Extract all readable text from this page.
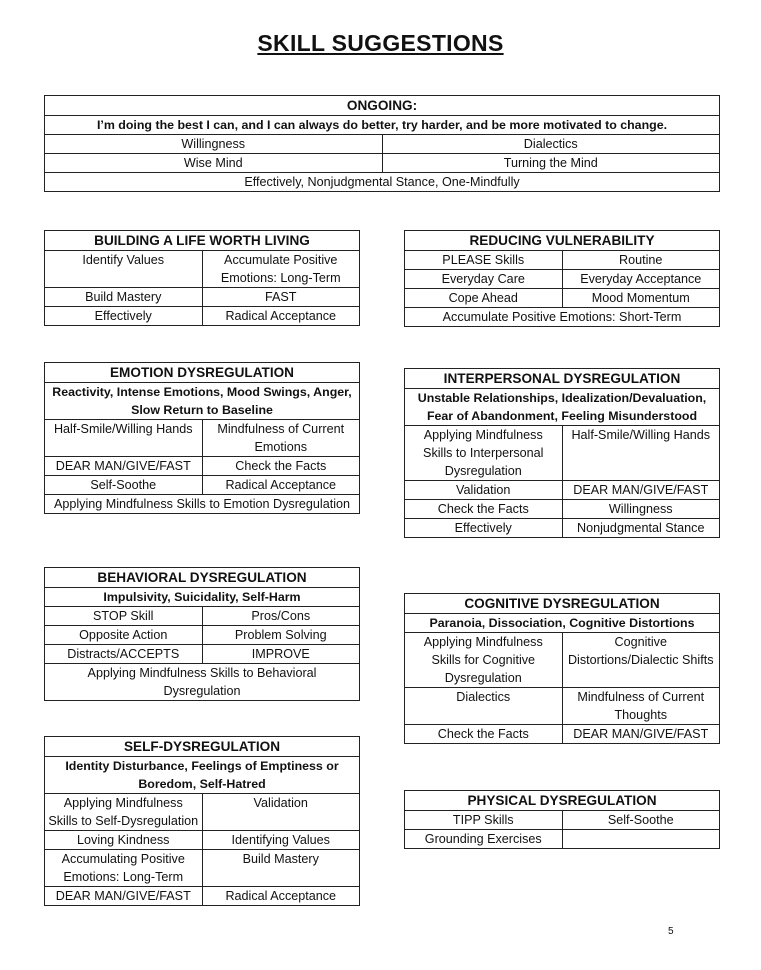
SKILL SUGGESTIONS
ONGOING:	
I’m doing the best I can, and I can always do better, try harder, and be more motivated to change.	
Willingness	Dialectics
Wise Mind	Turning the Mind
Effectively, Nonjudgmental Stance, One-Mindfully	
BUILDING A LIFE WORTH LIVING	
Identify Values	Accumulate Positive Emotions: Long-Term
Build Mastery	FAST
Effectively	Radical Acceptance
REDUCING VULNERABILITY	
PLEASE Skills	Routine
Everyday Care	Everyday Acceptance
Cope Ahead	Mood Momentum
Accumulate Positive Emotions: Short-Term	
EMOTION DYSREGULATION	
Reactivity, Intense Emotions, Mood Swings, Anger, Slow Return to Baseline	
Half-Smile/Willing Hands	Mindfulness of Current Emotions
DEAR MAN/GIVE/FAST	Check the Facts
Self-Soothe	Radical Acceptance
Applying Mindfulness Skills to Emotion Dysregulation	
INTERPERSONAL DYSREGULATION	
Unstable Relationships, Idealization/Devaluation, Fear of Abandonment, Feeling Misunderstood	
Applying Mindfulness Skills to Interpersonal Dysregulation	Half-Smile/Willing Hands
Validation	DEAR MAN/GIVE/FAST
Check the Facts	Willingness
Effectively	Nonjudgmental Stance
BEHAVIORAL DYSREGULATION	
Impulsivity, Suicidality, Self-Harm	
STOP Skill	Pros/Cons
Opposite Action	Problem Solving
Distracts/ACCEPTS	IMPROVE
Applying Mindfulness Skills to Behavioral Dysregulation	
COGNITIVE DYSREGULATION	
Paranoia, Dissociation, Cognitive Distortions	
Applying Mindfulness Skills for Cognitive Dysregulation	Cognitive Distortions/Dialectic Shifts
Dialectics	Mindfulness of Current Thoughts
Check the Facts	DEAR MAN/GIVE/FAST
SELF-DYSREGULATION	
Identity Disturbance, Feelings of Emptiness or Boredom, Self-Hatred	
Applying Mindfulness Skills to Self-Dysregulation	Validation
Loving Kindness	Identifying Values
Accumulating Positive Emotions: Long-Term	Build Mastery
DEAR MAN/GIVE/FAST	Radical Acceptance
PHYSICAL DYSREGULATION	
TIPP Skills	Self-Soothe
Grounding Exercises	
5
